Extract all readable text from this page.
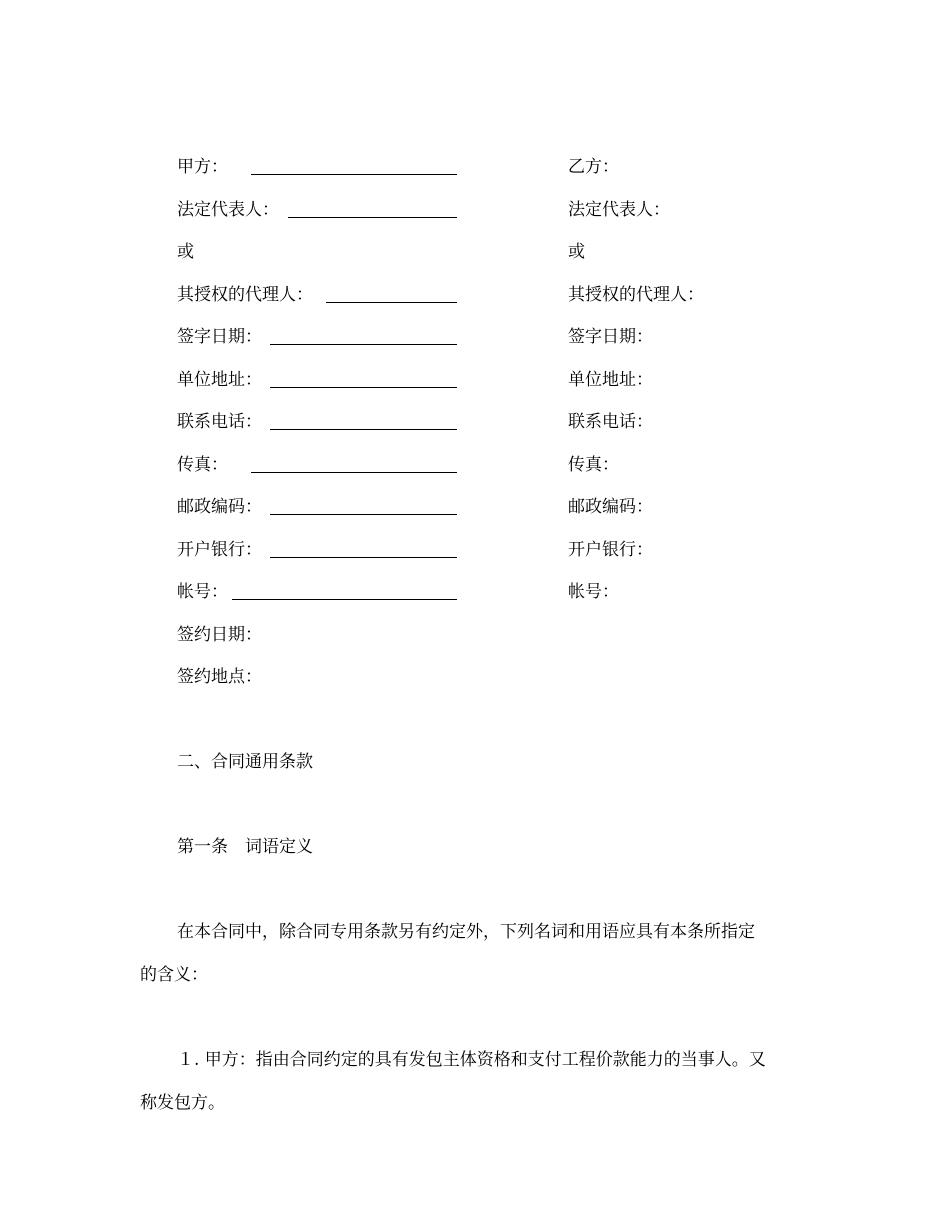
甲方：
法定代表人：
或
其授权的代理人：
签字日期：
单位地址：
联系电话：
传真：
邮政编码：
开户银行：
帐号：
签约日期：
签约地点：
乙方：
法定代表人：
或
其授权的代理人：
签字日期：
单位地址：
联系电话：
传真：
邮政编码：
开户银行：
帐号：
二、合同通用条款
第一条　词语定义
在本合同中，除合同专用条款另有约定外，下列名词和用语应具有本条所指定
的含义：
１. 甲方：指由合同约定的具有发包主体资格和支付工程价款能力的当事人。又
称发包方。
